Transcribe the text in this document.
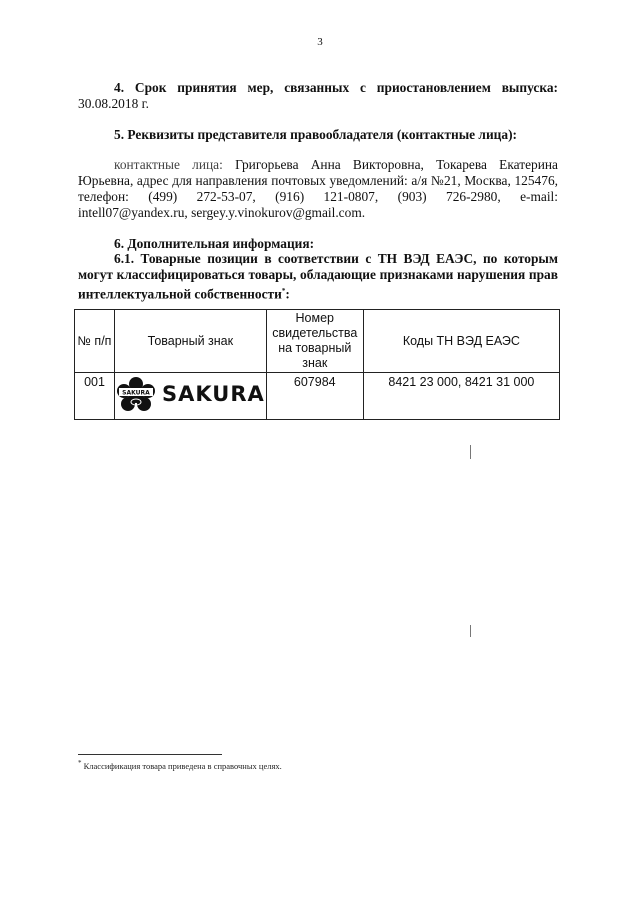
3
4. Срок принятия мер, связанных с приостановлением выпуска: 30.08.2018 г.
5. Реквизиты представителя правообладателя (контактные лица):
контактные лица: Григорьева Анна Викторовна, Токарева Екатерина Юрьевна, адрес для направления почтовых уведомлений: а/я №21, Москва, 125476, телефон: (499) 272-53-07, (916) 121-0807, (903) 726-2980, e-mail: intell07@yandex.ru, sergey.y.vinokurov@gmail.com.
6. Дополнительная информация:
6.1. Товарные позиции в соответствии с ТН ВЭД ЕАЭС, по которым могут классифицироваться товары, обладающие признаками нарушения прав интеллектуальной собственности*:
№ п/п	Товарный знак	Номер свидетельства на товарный знак	Коды ТН ВЭД ЕАЭС
001	SAKURA SAKURA	607984	8421 23 000, 8421 31 000
* Классификация товара приведена в справочных целях.
